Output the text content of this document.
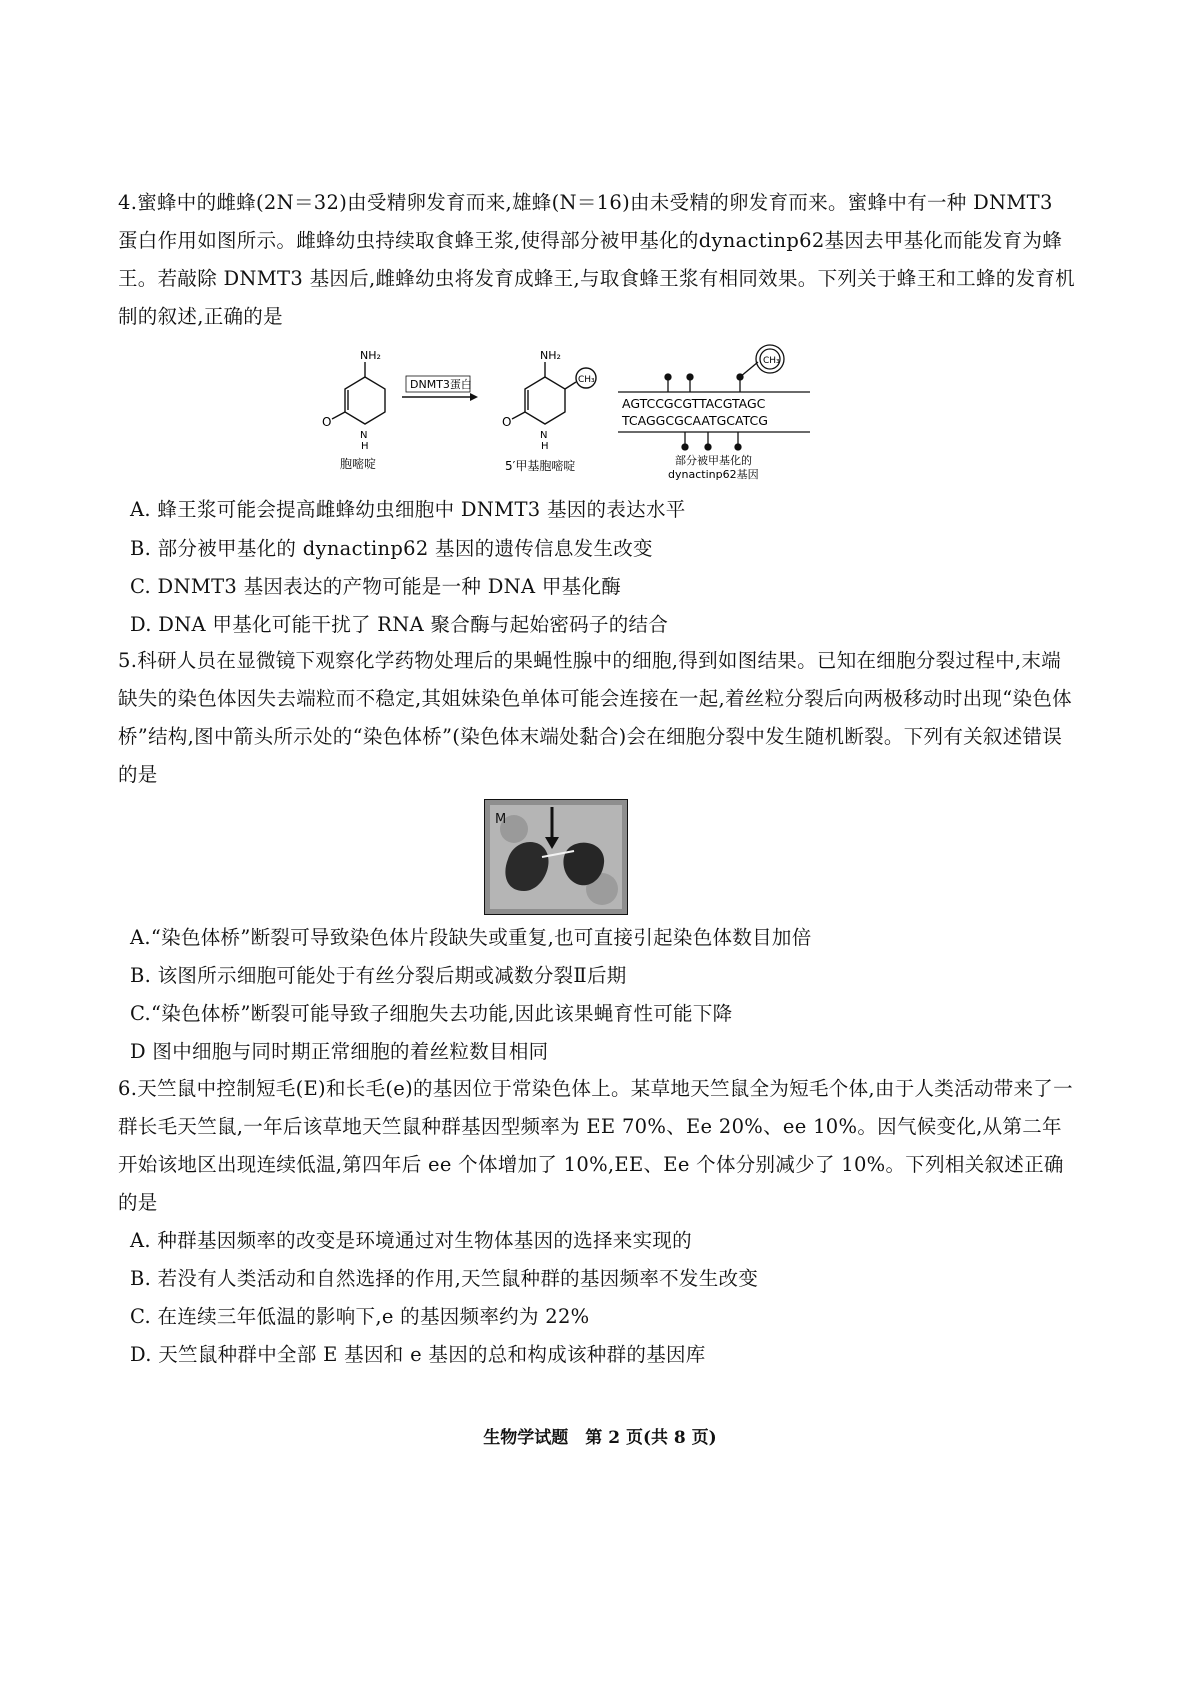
4.蜜蜂中的雌蜂(2N＝32)由受精卵发育而来,雄蜂(N＝16)由未受精的卵发育而来。蜜蜂中有一种 DNMT3 蛋白作用如图所示。雌蜂幼虫持续取食蜂王浆,使得部分被甲基化的dynactinp62基因去甲基化而能发育为蜂王。若敲除 DNMT3 基因后,雌蜂幼虫将发育成蜂王,与取食蜂王浆有相同效果。下列关于蜂王和工蜂的发育机制的叙述,正确的是

NH₂
O
N
H
胞嘧啶
DNMT3蛋白
NH₂
O
N
H
CH₃
5′甲基胞嘧啶
CH₃
AGTCCGCGTTACGTAGC
TCAGGCGCAATGCATCG
部分被甲基化的
dynactinp62基因
A. 蜂王浆可能会提高雌蜂幼虫细胞中 DNMT3 基因的表达水平
B. 部分被甲基化的 dynactinp62 基因的遗传信息发生改变
C. DNMT3 基因表达的产物可能是一种 DNA 甲基化酶
D. DNA 甲基化可能干扰了 RNA 聚合酶与起始密码子的结合

5.科研人员在显微镜下观察化学药物处理后的果蝇性腺中的细胞,得到如图结果。已知在细胞分裂过程中,末端缺失的染色体因失去端粒而不稳定,其姐妹染色单体可能会连接在一起,着丝粒分裂后向两极移动时出现“染色体桥”结构,图中箭头所示处的“染色体桥”(染色体末端处黏合)会在细胞分裂中发生随机断裂。下列有关叙述错误的是

M
A.“染色体桥”断裂可导致染色体片段缺失或重复,也可直接引起染色体数目加倍
B. 该图所示细胞可能处于有丝分裂后期或减数分裂Ⅱ后期
C.“染色体桥”断裂可能导致子细胞失去功能,因此该果蝇育性可能下降
D 图中细胞与同时期正常细胞的着丝粒数目相同

6.天竺鼠中控制短毛(E)和长毛(e)的基因位于常染色体上。某草地天竺鼠全为短毛个体,由于人类活动带来了一群长毛天竺鼠,一年后该草地天竺鼠种群基因型频率为 EE 70%、Ee 20%、ee 10%。因气候变化,从第二年开始该地区出现连续低温,第四年后 ee 个体增加了 10%,EE、Ee 个体分别减少了 10%。下列相关叙述正确的是

A. 种群基因频率的改变是环境通过对生物体基因的选择来实现的
B. 若没有人类活动和自然选择的作用,天竺鼠种群的基因频率不发生改变
C. 在连续三年低温的影响下,e 的基因频率约为 22%
D. 天竺鼠种群中全部 E 基因和 e 基因的总和构成该种群的基因库
生物学试题　第 2 页(共 8 页)
